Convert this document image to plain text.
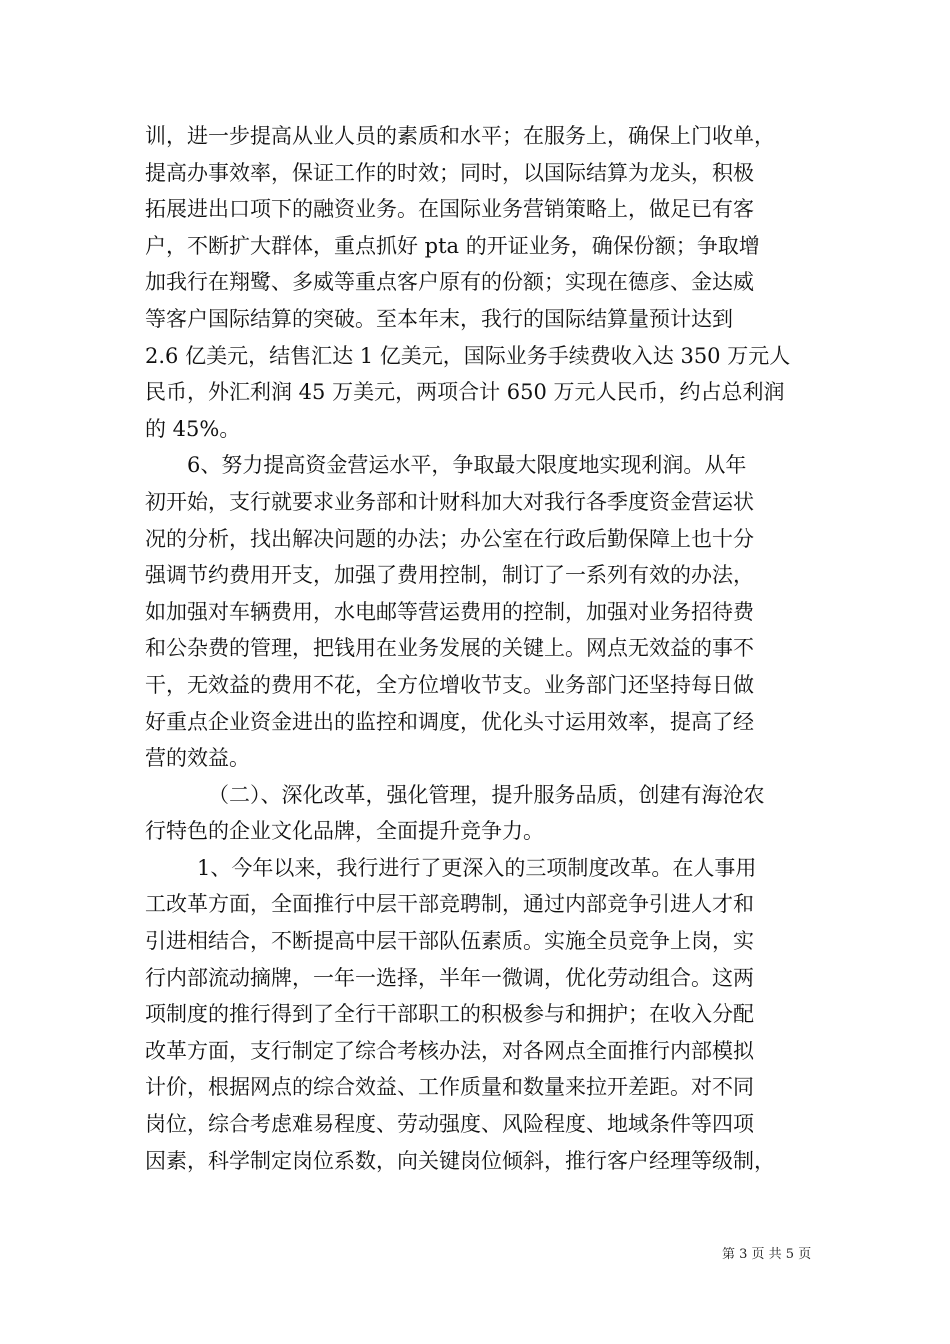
训，进一步提高从业人员的素质和水平；在服务上，确保上门收单，
提高办事效率，保证工作的时效；同时，以国际结算为龙头，积极
拓展进出口项下的融资业务。在国际业务营销策略上，做足已有客
户，不断扩大群体，重点抓好 pta 的开证业务，确保份额；争取增
加我行在翔鹭、多威等重点客户原有的份额；实现在德彦、金达威
等客户国际结算的突破。至本年末，我行的国际结算量预计达到
2.6 亿美元，结售汇达 1 亿美元，国际业务手续费收入达 350 万元人
民币，外汇利润 45 万美元，两项合计 650 万元人民币，约占总利润
的 45%。
6、努力提高资金营运水平，争取最大限度地实现利润。从年
初开始，支行就要求业务部和计财科加大对我行各季度资金营运状
况的分析，找出解决问题的办法；办公室在行政后勤保障上也十分
强调节约费用开支，加强了费用控制，制订了一系列有效的办法，
如加强对车辆费用，水电邮等营运费用的控制，加强对业务招待费
和公杂费的管理，把钱用在业务发展的关键上。网点无效益的事不
干，无效益的费用不花，全方位增收节支。业务部门还坚持每日做
好重点企业资金进出的监控和调度，优化头寸运用效率，提高了经
营的效益。
（二）、深化改革，强化管理，提升服务品质，创建有海沧农
行特色的企业文化品牌，全面提升竞争力。
1、今年以来，我行进行了更深入的三项制度改革。在人事用
工改革方面，全面推行中层干部竞聘制，通过内部竞争引进人才和
引进相结合，不断提高中层干部队伍素质。实施全员竞争上岗，实
行内部流动摘牌，一年一选择，半年一微调，优化劳动组合。这两
项制度的推行得到了全行干部职工的积极参与和拥护；在收入分配
改革方面，支行制定了综合考核办法，对各网点全面推行内部模拟
计价，根据网点的综合效益、工作质量和数量来拉开差距。对不同
岗位，综合考虑难易程度、劳动强度、风险程度、地域条件等四项
因素，科学制定岗位系数，向关键岗位倾斜，推行客户经理等级制，
第 3 页 共 5 页
